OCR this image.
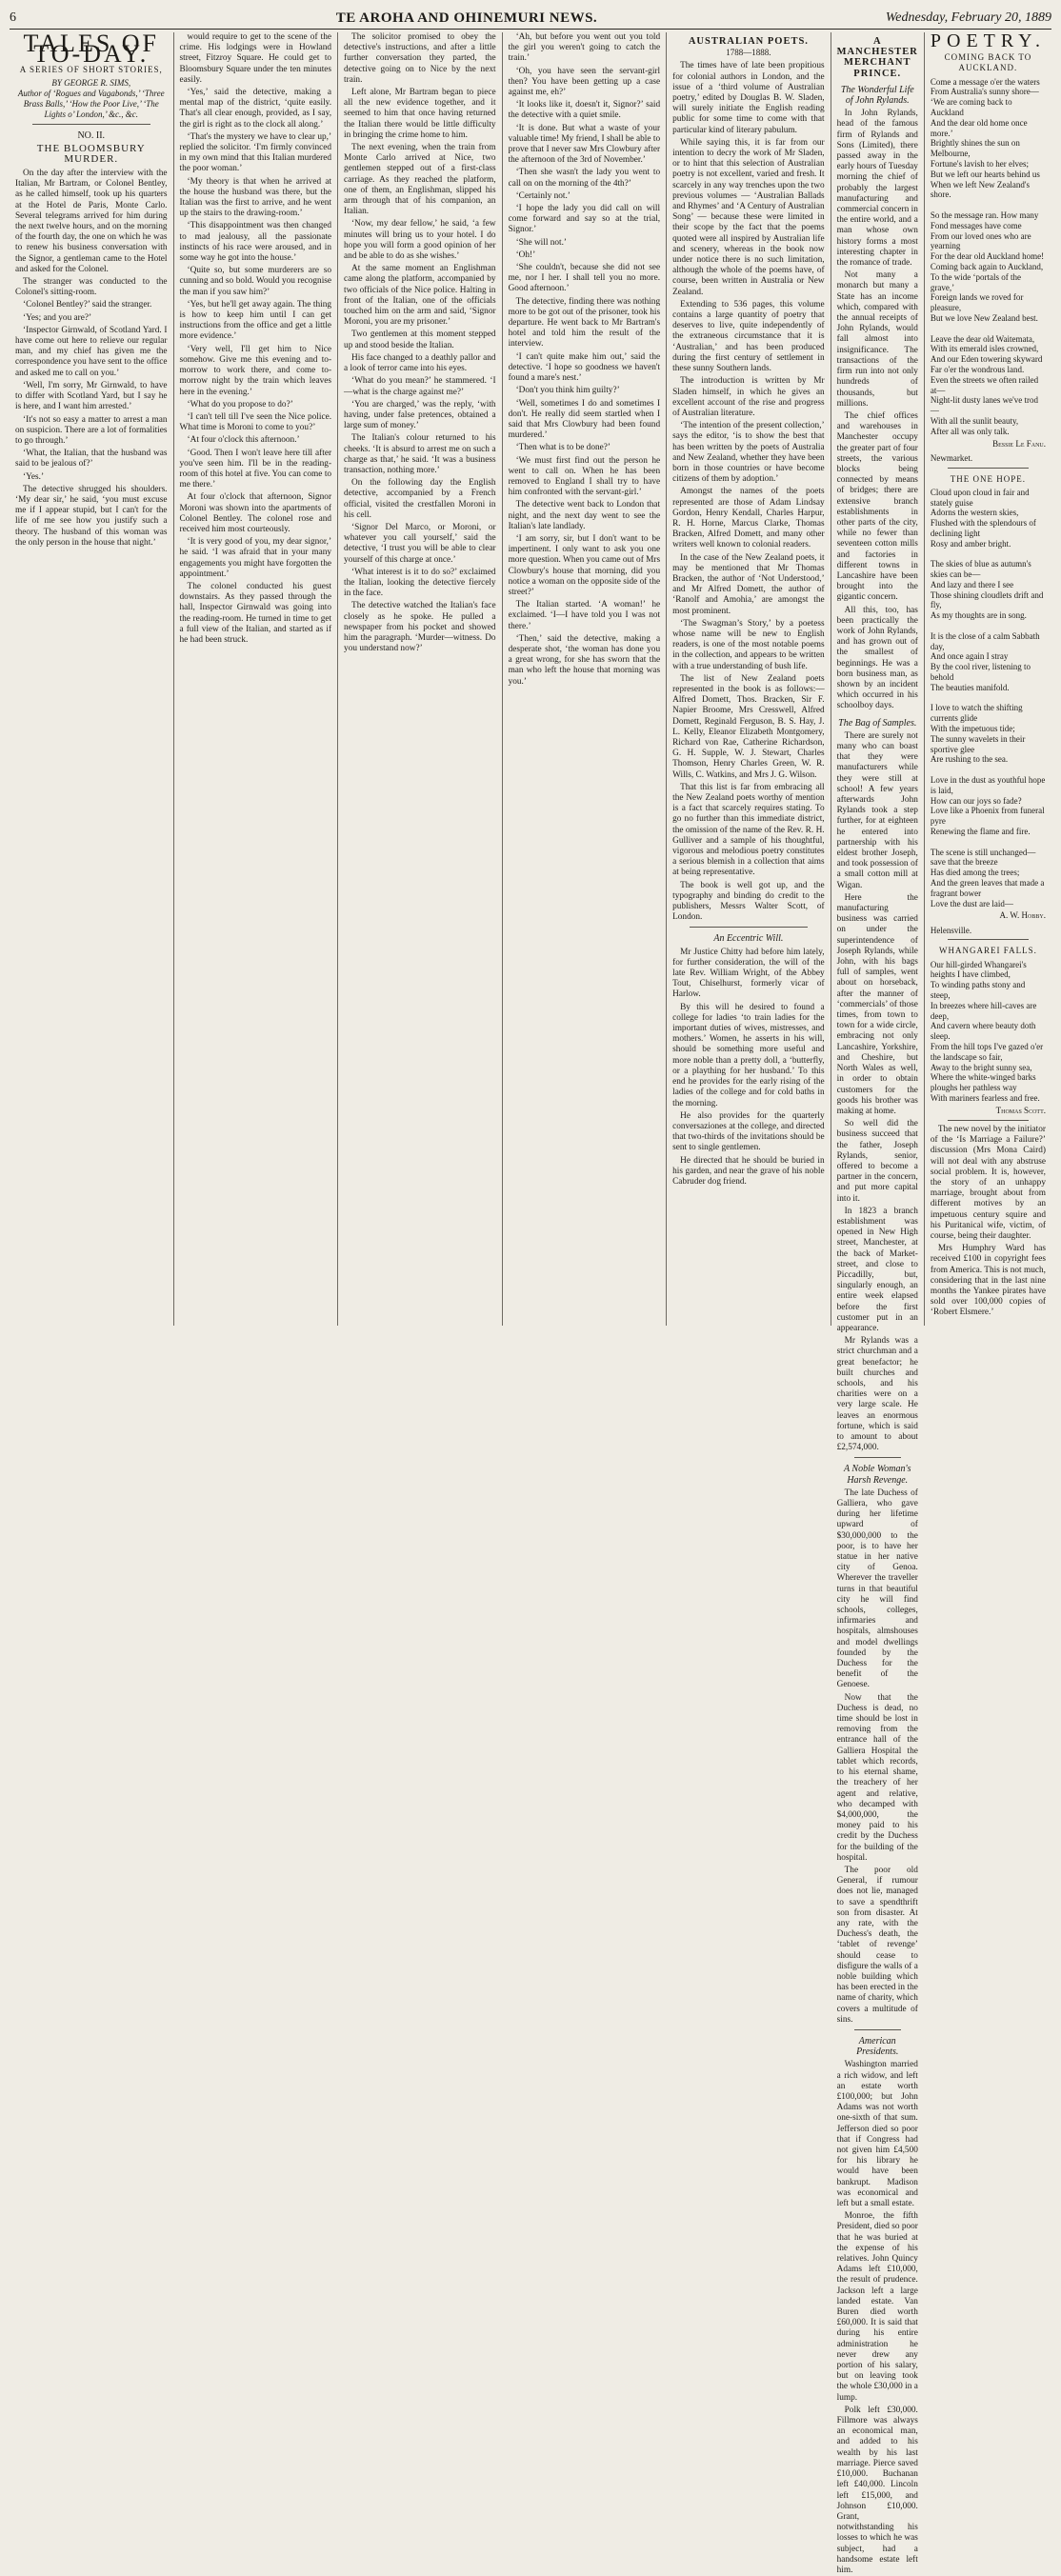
6	TE AROHA AND OHINEMURI NEWS.	Wednesday, February 20, 1889
TALES OF TO-DAY.
A SERIES OF SHORT STORIES,
BY GEORGE R. SIMS,
Author of ‘Rogues and Vagabonds,’ ‘Three Brass Balls,’ ‘How the Poor Live,’ ‘The Lights o’ London,’ &c., &c.
NO. II.
THE BLOOMSBURY MURDER.

On the day after the interview with the Italian, Mr Bartram, or Colonel Bentley, as he called himself, took up his quarters at the Hotel de Paris, Monte Carlo. Several telegrams arrived for him during the next twelve hours, and on the morning of the fourth day, the one on which he was to renew his business conversation with the Signor, a gentleman came to the Hotel and asked for the Colonel.

The stranger was conducted to the Colonel's sitting-room.

‘Colonel Bentley?’ said the stranger.

‘Yes; and you are?’

‘Inspector Girnwald, of Scotland Yard. I have come out here to relieve our regular man, and my chief has given me the correspondence you have sent to the office and asked me to call on you.’

‘Well, I'm sorry, Mr Girnwald, to have to differ with Scotland Yard, but I say he is here, and I want him arrested.’

‘It's not so easy a matter to arrest a man on suspicion. There are a lot of formalities to go through.’

‘What, the Italian, that the husband was said to be jealous of?’

‘Yes.’

The detective shrugged his shoulders. ‘My dear sir,’ he said, ‘you must excuse me if I appear stupid, but I can't for the life of me see how you justify such a theory. The husband of this woman was the only person in the house that night.’

would require to get to the scene of the crime. His lodgings were in Howland street, Fitzroy Square. He could get to Bloomsbury Square under the ten minutes easily.

‘Yes,’ said the detective, making a mental map of the district, ‘quite easily. That's all clear enough, provided, as I say, the girl is right as to the clock all along.’

‘That's the mystery we have to clear up,’ replied the solicitor. ‘I'm firmly convinced in my own mind that this Italian murdered the poor woman.’

‘My theory is that when he arrived at the house the husband was there, but the Italian was the first to arrive, and he went up the stairs to the drawing-room.’

‘This disappointment was then changed to mad jealousy, all the passionate instincts of his race were aroused, and in some way he got into the house.’

‘Quite so, but some murderers are so cunning and so bold. Would you recognise the man if you saw him?’

‘Yes, but he'll get away again. The thing is how to keep him until I can get instructions from the office and get a little more evidence.’

‘Very well, I'll get him to Nice somehow. Give me this evening and to-morrow to work there, and come to-morrow night by the train which leaves here in the evening.’

‘What do you propose to do?’

‘I can't tell till I've seen the Nice police. What time is Moroni to come to you?’

‘At four o'clock this afternoon.’

‘Good. Then I won't leave here till after you've seen him. I'll be in the reading-room of this hotel at five. You can come to me there.’

At four o'clock that afternoon, Signor Moroni was shown into the apartments of Colonel Bentley. The colonel rose and received him most courteously.

‘It is very good of you, my dear signor,’ he said. ‘I was afraid that in your many engagements you might have forgotten the appointment.’

The colonel conducted his guest downstairs. As they passed through the hall, Inspector Girnwald was going into the reading-room. He turned in time to get a full view of the Italian, and started as if he had been struck.

The solicitor promised to obey the detective's instructions, and after a little further conversation they parted, the detective going on to Nice by the next train.

Left alone, Mr Bartram began to piece all the new evidence together, and it seemed to him that once having returned the Italian there would be little difficulty in bringing the crime home to him.

The next evening, when the train from Monte Carlo arrived at Nice, two gentlemen stepped out of a first-class carriage. As they reached the platform, one of them, an Englishman, slipped his arm through that of his companion, an Italian.

‘Now, my dear fellow,’ he said, ‘a few minutes will bring us to your hotel. I do hope you will form a good opinion of her and be able to do as she wishes.’

At the same moment an Englishman came along the platform, accompanied by two officials of the Nice police. Halting in front of the Italian, one of the officials touched him on the arm and said, ‘Signor Moroni, you are my prisoner.’

Two gentlemen at this moment stepped up and stood beside the Italian.

His face changed to a deathly pallor and a look of terror came into his eyes.

‘What do you mean?’ he stammered. ‘I—what is the charge against me?’

‘You are charged,’ was the reply, ‘with having, under false pretences, obtained a large sum of money.’

The Italian's colour returned to his cheeks. ‘It is absurd to arrest me on such a charge as that,’ he said. ‘It was a business transaction, nothing more.’

On the following day the English detective, accompanied by a French official, visited the crestfallen Moroni in his cell.

‘Signor Del Marco, or Moroni, or whatever you call yourself,’ said the detective, ‘I trust you will be able to clear yourself of this charge at once.’

‘What interest is it to do so?’ exclaimed the Italian, looking the detective fiercely in the face.

The detective watched the Italian's face closely as he spoke. He pulled a newspaper from his pocket and showed him the paragraph. ‘Murder—witness. Do you understand now?’

‘Ah, but before you went out you told the girl you weren't going to catch the train.’

‘Oh, you have seen the servant-girl then? You have been getting up a case against me, eh?’

‘It looks like it, doesn't it, Signor?’ said the detective with a quiet smile.

‘It is done. But what a waste of your valuable time! My friend, I shall be able to prove that I never saw Mrs Clowbury after the afternoon of the 3rd of November.’

‘Then she wasn't the lady you went to call on on the morning of the 4th?’

‘Certainly not.’

‘I hope the lady you did call on will come forward and say so at the trial, Signor.’

‘She will not.’

‘Oh!’

‘She couldn't, because she did not see me, nor I her. I shall tell you no more. Good afternoon.’

The detective, finding there was nothing more to be got out of the prisoner, took his departure. He went back to Mr Bartram's hotel and told him the result of the interview.

‘I can't quite make him out,’ said the detective. ‘I hope so goodness we haven't found a mare's nest.’

‘Don't you think him guilty?’

‘Well, sometimes I do and sometimes I don't. He really did seem startled when I said that Mrs Clowbury had been found murdered.’

‘Then what is to be done?’

‘We must first find out the person he went to call on. When he has been removed to England I shall try to have him confronted with the servant-girl.’

The detective went back to London that night, and the next day went to see the Italian's late landlady.

‘I am sorry, sir, but I don't want to be impertinent. I only want to ask you one more question. When you came out of Mrs Clowbury's house that morning, did you notice a woman on the opposite side of the street?’

The Italian started. ‘A woman!’ he exclaimed. ‘I—I have told you I was not there.’

‘Then,’ said the detective, making a desperate shot, ‘the woman has done you a great wrong, for she has sworn that the man who left the house that morning was you.’

AUSTRALIAN POETS.
1788—1888.

The times have of late been propitious for colonial authors in London, and the issue of a ‘third volume of Australian poetry,’ edited by Douglas B. W. Sladen, will surely initiate the English reading public for some time to come with that particular kind of literary pabulum.

While saying this, it is far from our intention to decry the work of Mr Sladen, or to hint that this selection of Australian poetry is not excellent, varied and fresh. It scarcely in any way trenches upon the two previous volumes — ‘Australian Ballads and Rhymes’ and ‘A Century of Australian Song’ — because these were limited in their scope by the fact that the poems quoted were all inspired by Australian life and scenery, whereas in the book now under notice there is no such limitation, although the whole of the poems have, of course, been written in Australia or New Zealand.

Extending to 536 pages, this volume contains a large quantity of poetry that deserves to live, quite independently of the extraneous circumstance that it is ‘Australian,’ and has been produced during the first century of settlement in these sunny Southern lands.

The introduction is written by Mr Sladen himself, in which he gives an excellent account of the rise and progress of Australian literature.

‘The intention of the present collection,’ says the editor, ‘is to show the best that has been written by the poets of Australia and New Zealand, whether they have been born in those countries or have become citizens of them by adoption.’

Amongst the names of the poets represented are those of Adam Lindsay Gordon, Henry Kendall, Charles Harpur, R. H. Horne, Marcus Clarke, Thomas Bracken, Alfred Domett, and many other writers well known to colonial readers.

In the case of the New Zealand poets, it may be mentioned that Mr Thomas Bracken, the author of ‘Not Understood,’ and Mr Alfred Domett, the author of ‘Ranolf and Amohia,’ are amongst the most prominent.

‘The Swagman’s Story,’ by a poetess whose name will be new to English readers, is one of the most notable poems in the collection, and appears to be written with a true understanding of bush life.

The list of New Zealand poets represented in the book is as follows:—Alfred Domett, Thos. Bracken, Sir F. Napier Broome, Mrs Cresswell, Alfred Domett, Reginald Ferguson, B. S. Hay, J. L. Kelly, Eleanor Elizabeth Montgomery, Richard von Rae, Catherine Richardson, G. H. Supple, W. J. Stewart, Charles Thomson, Henry Charles Green, W. R. Wills, C. Watkins, and Mrs J. G. Wilson.

That this list is far from embracing all the New Zealand poets worthy of mention is a fact that scarcely requires stating. To go no further than this immediate district, the omission of the name of the Rev. R. H. Gulliver and a sample of his thoughtful, vigorous and melodious poetry constitutes a serious blemish in a collection that aims at being representative.

The book is well got up, and the typography and binding do credit to the publishers, Messrs Walter Scott, of London.

An Eccentric Will.

Mr Justice Chitty had before him lately, for further consideration, the will of the late Rev. William Wright, of the Abbey Tout, Chiselhurst, formerly vicar of Harlow.

By this will he desired to found a college for ladies ‘to train ladies for the important duties of wives, mistresses, and mothers.’ Women, he asserts in his will, should be something more useful and more noble than a pretty doll, a ‘butterfly, or a plaything for her husband.’ To this end he provides for the early rising of the ladies of the college and for cold baths in the morning.

He also provides for the quarterly conversaziones at the college, and directed that two-thirds of the invitations should be sent to single gentlemen.

He directed that he should be buried in his garden, and near the grave of his noble Cabruder dog friend.

A MANCHESTER MERCHANT PRINCE.
The Wonderful Life of John Rylands.

In John Rylands, head of the famous firm of Rylands and Sons (Limited), there passed away in the early hours of Tuesday morning the chief of probably the largest manufacturing and commercial concern in the entire world, and a man whose own history forms a most interesting chapter in the romance of trade.

Not many a monarch but many a State has an income which, compared with the annual receipts of John Rylands, would fall almost into insignificance. The transactions of the firm run into not only hundreds of thousands, but millions.

The chief offices and warehouses in Manchester occupy the greater part of four streets, the various blocks being connected by means of bridges; there are extensive branch establishments in other parts of the city, while no fewer than seventeen cotton mills and factories in different towns in Lancashire have been brought into the gigantic concern.

All this, too, has been practically the work of John Rylands, and has grown out of the smallest of beginnings. He was a born business man, as shown by an incident which occurred in his schoolboy days.

The Bag of Samples.

There are surely not many who can boast that they were manufacturers while they were still at school! A few years afterwards John Rylands took a step further, for at eighteen he entered into partnership with his eldest brother Joseph, and took possession of a small cotton mill at Wigan.

Here the manufacturing business was carried on under the superintendence of Joseph Rylands, while John, with his bags full of samples, went about on horseback, after the manner of ‘commercials’ of those times, from town to town for a wide circle, embracing not only Lancashire, Yorkshire, and Cheshire, but North Wales as well, in order to obtain customers for the goods his brother was making at home.

So well did the business succeed that the father, Joseph Rylands, senior, offered to become a partner in the concern, and put more capital into it.

In 1823 a branch establishment was opened in New High street, Manchester, at the back of Market-street, and close to Piccadilly, but, singularly enough, an entire week elapsed before the first customer put in an appearance.

Mr Rylands was a strict churchman and a great benefactor; he built churches and schools, and his charities were on a very large scale. He leaves an enormous fortune, which is said to amount to about £2,574,000.

A Noble Woman's Harsh Revenge.

The late Duchess of Galliera, who gave during her lifetime upward of $30,000,000 to the poor, is to have her statue in her native city of Genoa. Wherever the traveller turns in that beautiful city he will find schools, colleges, infirmaries and hospitals, almshouses and model dwellings founded by the Duchess for the benefit of the Genoese.

Now that the Duchess is dead, no time should be lost in removing from the entrance hall of the Galliera Hospital the tablet which records, to his eternal shame, the treachery of her agent and relative, who decamped with $4,000,000, the money paid to his credit by the Duchess for the building of the hospital.

The poor old General, if rumour does not lie, managed to save a spendthrift son from disaster. At any rate, with the Duchess's death, the ‘tablet of revenge’ should cease to disfigure the walls of a noble building which has been erected in the name of charity, which covers a multitude of sins.

American Presidents.

Washington married a rich widow, and left an estate worth £100,000; but John Adams was not worth one-sixth of that sum. Jefferson died so poor that if Congress had not given him £4,500 for his library he would have been bankrupt. Madison was economical and left but a small estate.

Monroe, the fifth President, died so poor that he was buried at the expense of his relatives. John Quincy Adams left £10,000, the result of prudence. Jackson left a large landed estate. Van Buren died worth £60,000. It is said that during his entire administration he never drew any portion of his salary, but on leaving took the whole £30,000 in a lump.

Polk left £30,000. Fillmore was always an economical man, and added to his wealth by his last marriage. Pierce saved £10,000. Buchanan left £40,000. Lincoln left £15,000, and Johnson £10,000. Grant, notwithstanding his losses to which he was subject, had a handsome estate left him.

POETRY.
COMING BACK TO AUCKLAND.

Come a message o'er the waters
From Australia's sunny shore—
‘We are coming back to Auckland
And the dear old home once more.’
Brightly shines the sun on Melbourne,
Fortune's lavish to her elves;
But we left our hearts behind us
When we left New Zealand's shore.

So the message ran. How many
Fond messages have come
From our loved ones who are yearning
For the dear old Auckland home!
Coming back again to Auckland,
To the wide ‘portals of the grave,’
Foreign lands we roved for pleasure,
But we love New Zealand best.

Leave the dear old Waitemata,
With its emerald isles crowned,
And our Eden towering skyward
Far o'er the wondrous land.
Even the streets we often railed at—
Night-lit dusty lanes we've trod—
With all the sunlit beauty,
After all was only talk.

Bessie Le Fanu.

Newmarket.

THE ONE HOPE.

Cloud upon cloud in fair and stately guise
Adorns the western skies,
Flushed with the splendours of declining light
Rosy and amber bright.

The skies of blue as autumn's skies can be—
And lazy and there I see
Those shining cloudlets drift and fly,
As my thoughts are in song.

It is the close of a calm Sabbath day,
And once again I stray
By the cool river, listening to behold
The beauties manifold.

I love to watch the shifting currents glide
With the impetuous tide;
The sunny wavelets in their sportive glee
Are rushing to the sea.

Love in the dust as youthful hope is laid,
How can our joys so fade?
Love like a Phoenix from funeral pyre
Renewing the flame and fire.

The scene is still unchanged—save that the breeze
Has died among the trees;
And the green leaves that made a fragrant bower
Love the dust are laid—

A. W. Hobby.

Helensville.

WHANGAREI FALLS.

Our hill-girded Whangarei's heights I have climbed,
To winding paths stony and steep,
In breezes where hill-caves are deep,
And cavern where beauty doth sleep.
From the hill tops I've gazed o'er the landscape so fair,
Away to the bright sunny sea,
Where the white-winged barks ploughs her pathless way
With mariners fearless and free.

Thomas Scott.

The new novel by the initiator of the ‘Is Marriage a Failure?’ discussion (Mrs Mona Caird) will not deal with any abstruse social problem. It is, however, the story of an unhappy marriage, brought about from different motives by an impetuous century squire and his Puritanical wife, victim, of course, being their daughter.

Mrs Humphry Ward has received £100 in copyright fees from America. This is not much, considering that in the last nine months the Yankee pirates have sold over 100,000 copies of ‘Robert Elsmere.’
